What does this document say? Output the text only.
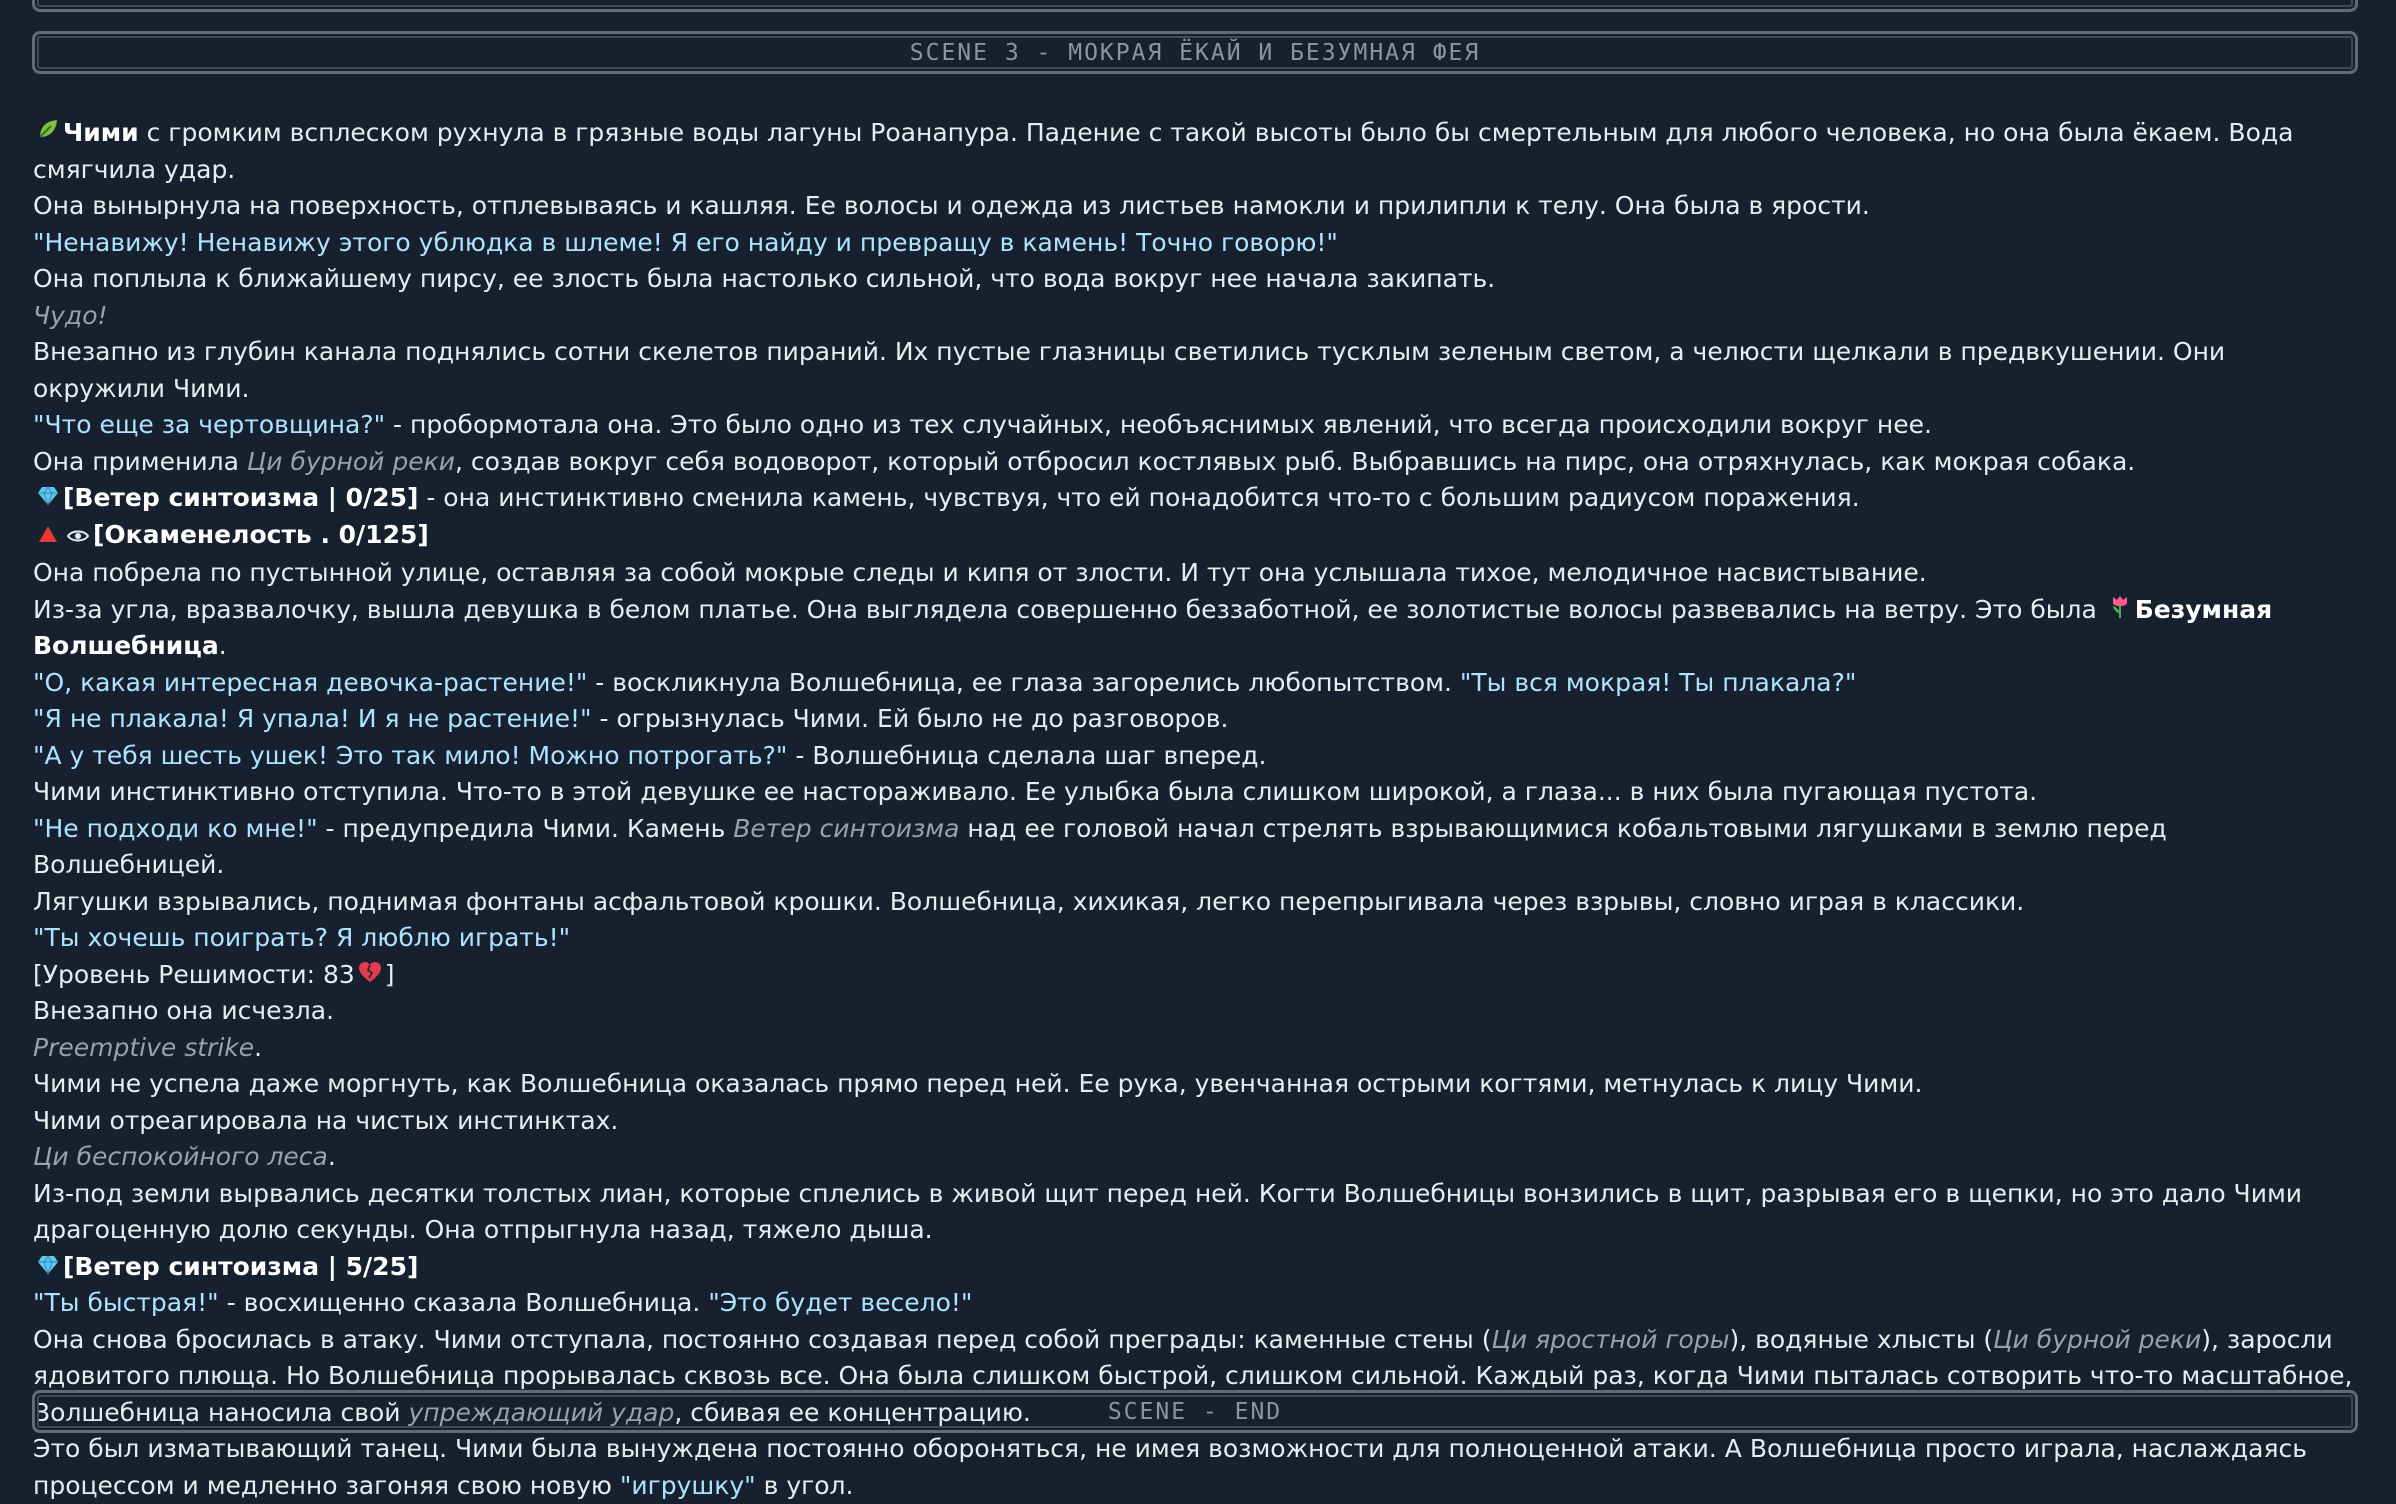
SCENE 3 - МОКРАЯ ЁКАЙ И БЕЗУМНАЯ ФЕЯ

Чими с громким всплеском рухнула в грязные воды лагуны Роанапура. Падение с такой высоты было бы смертельным для любого человека, но она была ёкаем. Вода смягчила удар.

Она вынырнула на поверхность, отплевываясь и кашляя. Ее волосы и одежда из листьев намокли и прилипли к телу. Она была в ярости.

"Ненавижу! Ненавижу этого ублюдка в шлеме! Я его найду и превращу в камень! Точно говорю!"

Она поплыла к ближайшему пирсу, ее злость была настолько сильной, что вода вокруг нее начала закипать.

Чудо!

Внезапно из глубин канала поднялись сотни скелетов пираний. Их пустые глазницы светились тусклым зеленым светом, а челюсти щелкали в предвкушении. Они окружили Чими.

"Что еще за чертовщина?" - пробормотала она. Это было одно из тех случайных, необъяснимых явлений, что всегда происходили вокруг нее.

Она применила Ци бурной реки, создав вокруг себя водоворот, который отбросил костлявых рыб. Выбравшись на пирс, она отряхнулась, как мокрая собака.

[Ветер синтоизма | 0/25] - она инстинктивно сменила камень, чувствуя, что ей понадобится что-то с большим радиусом поражения.

[Окаменелость . 0/125]

Она побрела по пустынной улице, оставляя за собой мокрые следы и кипя от злости. И тут она услышала тихое, мелодичное насвистывание.

Из-за угла, вразвалочку, вышла девушка в белом платье. Она выглядела совершенно беззаботной, ее золотистые волосы развевались на ветру. Это была Безумная Волшебница.

"О, какая интересная девочка-растение!" - воскликнула Волшебница, ее глаза загорелись любопытством. "Ты вся мокрая! Ты плакала?"

"Я не плакала! Я упала! И я не растение!" - огрызнулась Чими. Ей было не до разговоров.

"А у тебя шесть ушек! Это так мило! Можно потрогать?" - Волшебница сделала шаг вперед.

Чими инстинктивно отступила. Что-то в этой девушке ее настораживало. Ее улыбка была слишком широкой, а глаза... в них была пугающая пустота.

"Не подходи ко мне!" - предупредила Чими. Камень Ветер синтоизма над ее головой начал стрелять взрывающимися кобальтовыми лягушками в землю перед Волшебницей.

Лягушки взрывались, поднимая фонтаны асфальтовой крошки. Волшебница, хихикая, легко перепрыгивала через взрывы, словно играя в классики.

"Ты хочешь поиграть? Я люблю играть!"

[Уровень Решимости: 83 ]

Внезапно она исчезла.

Preemptive strike.

Чими не успела даже моргнуть, как Волшебница оказалась прямо перед ней. Ее рука, увенчанная острыми когтями, метнулась к лицу Чими.

Чими отреагировала на чистых инстинктах.

Ци беспокойного леса.

Из-под земли вырвались десятки толстых лиан, которые сплелись в живой щит перед ней. Когти Волшебницы вонзились в щит, разрывая его в щепки, но это дало Чими драгоценную долю секунды. Она отпрыгнула назад, тяжело дыша.

[Ветер синтоизма | 5/25]

"Ты быстрая!" - восхищенно сказала Волшебница. "Это будет весело!"

Она снова бросилась в атаку. Чими отступала, постоянно создавая перед собой преграды: каменные стены (Ци яростной горы), водяные хлысты (Ци бурной реки), заросли ядовитого плюща. Но Волшебница прорывалась сквозь все. Она была слишком быстрой, слишком сильной. Каждый раз, когда Чими пыталась сотворить что-то масштабное, Волшебница наносила свой упреждающий удар, сбивая ее концентрацию.

Это был изматывающий танец. Чими была вынуждена постоянно обороняться, не имея возможности для полноценной атаки. А Волшебница просто играла, наслаждаясь процессом и медленно загоняя свою новую "игрушку" в угол.

SCENE - END
